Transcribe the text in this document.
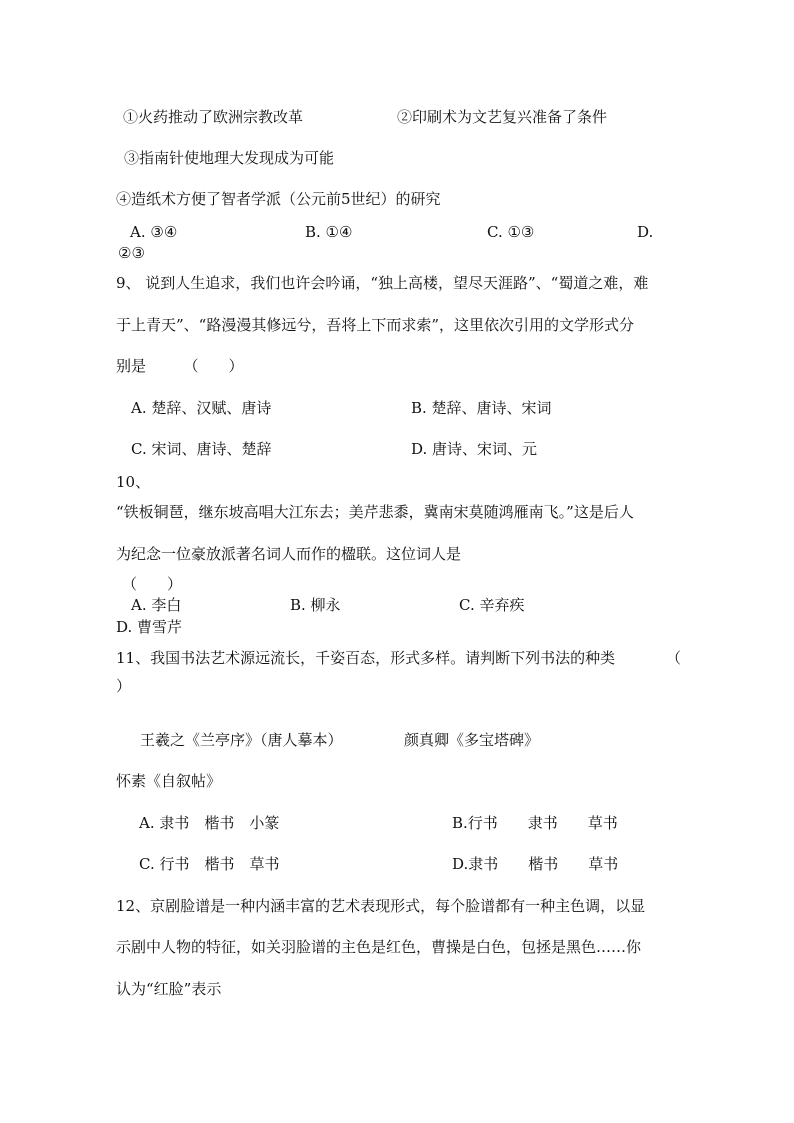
①火药推动了欧洲宗教改革	②印刷术为文艺复兴准备了条件
③指南针使地理大发现成为可能
④造纸术方便了智者学派（公元前5世纪）的研究
A. ③④	B. ①④	C. ①③	D.
②③
9、 说到人生追求，我们也许会吟诵，“独上高楼，望尽天涯路”、“蜀道之难，难
于上青天”、“路漫漫其修远兮，吾将上下而求索”，这里依次引用的文学形式分
别是　　　（　　）
A. 楚辞、汉赋、唐诗	B. 楚辞、唐诗、宋词
C. 宋词、唐诗、楚辞	D. 唐诗、宋词、元
10、
“铁板铜琶，继东坡高唱大江东去；美芹悲黍，冀南宋莫随鸿雁南飞。”这是后人
为纪念一位豪放派著名词人而作的楹联。这位词人是
（　　）
A. 李白	B. 柳永	C. 辛弃疾
D. 曹雪芹
11、我国书法艺术源远流长，千姿百态，形式多样。请判断下列书法的种类	（
）
王羲之《兰亭序》（唐人摹本）	颜真卿《多宝塔碑》
怀素《自叙帖》
A. 隶书　楷书　小篆	B.行书　　隶书　　草书
C. 行书　楷书　草书	D.隶书　　楷书　　草书
12、京剧脸谱是一种内涵丰富的艺术表现形式，每个脸谱都有一种主色调，以显
示剧中人物的特征，如关羽脸谱的主色是红色，曹操是白色，包拯是黑色……你
认为“红脸”表示
